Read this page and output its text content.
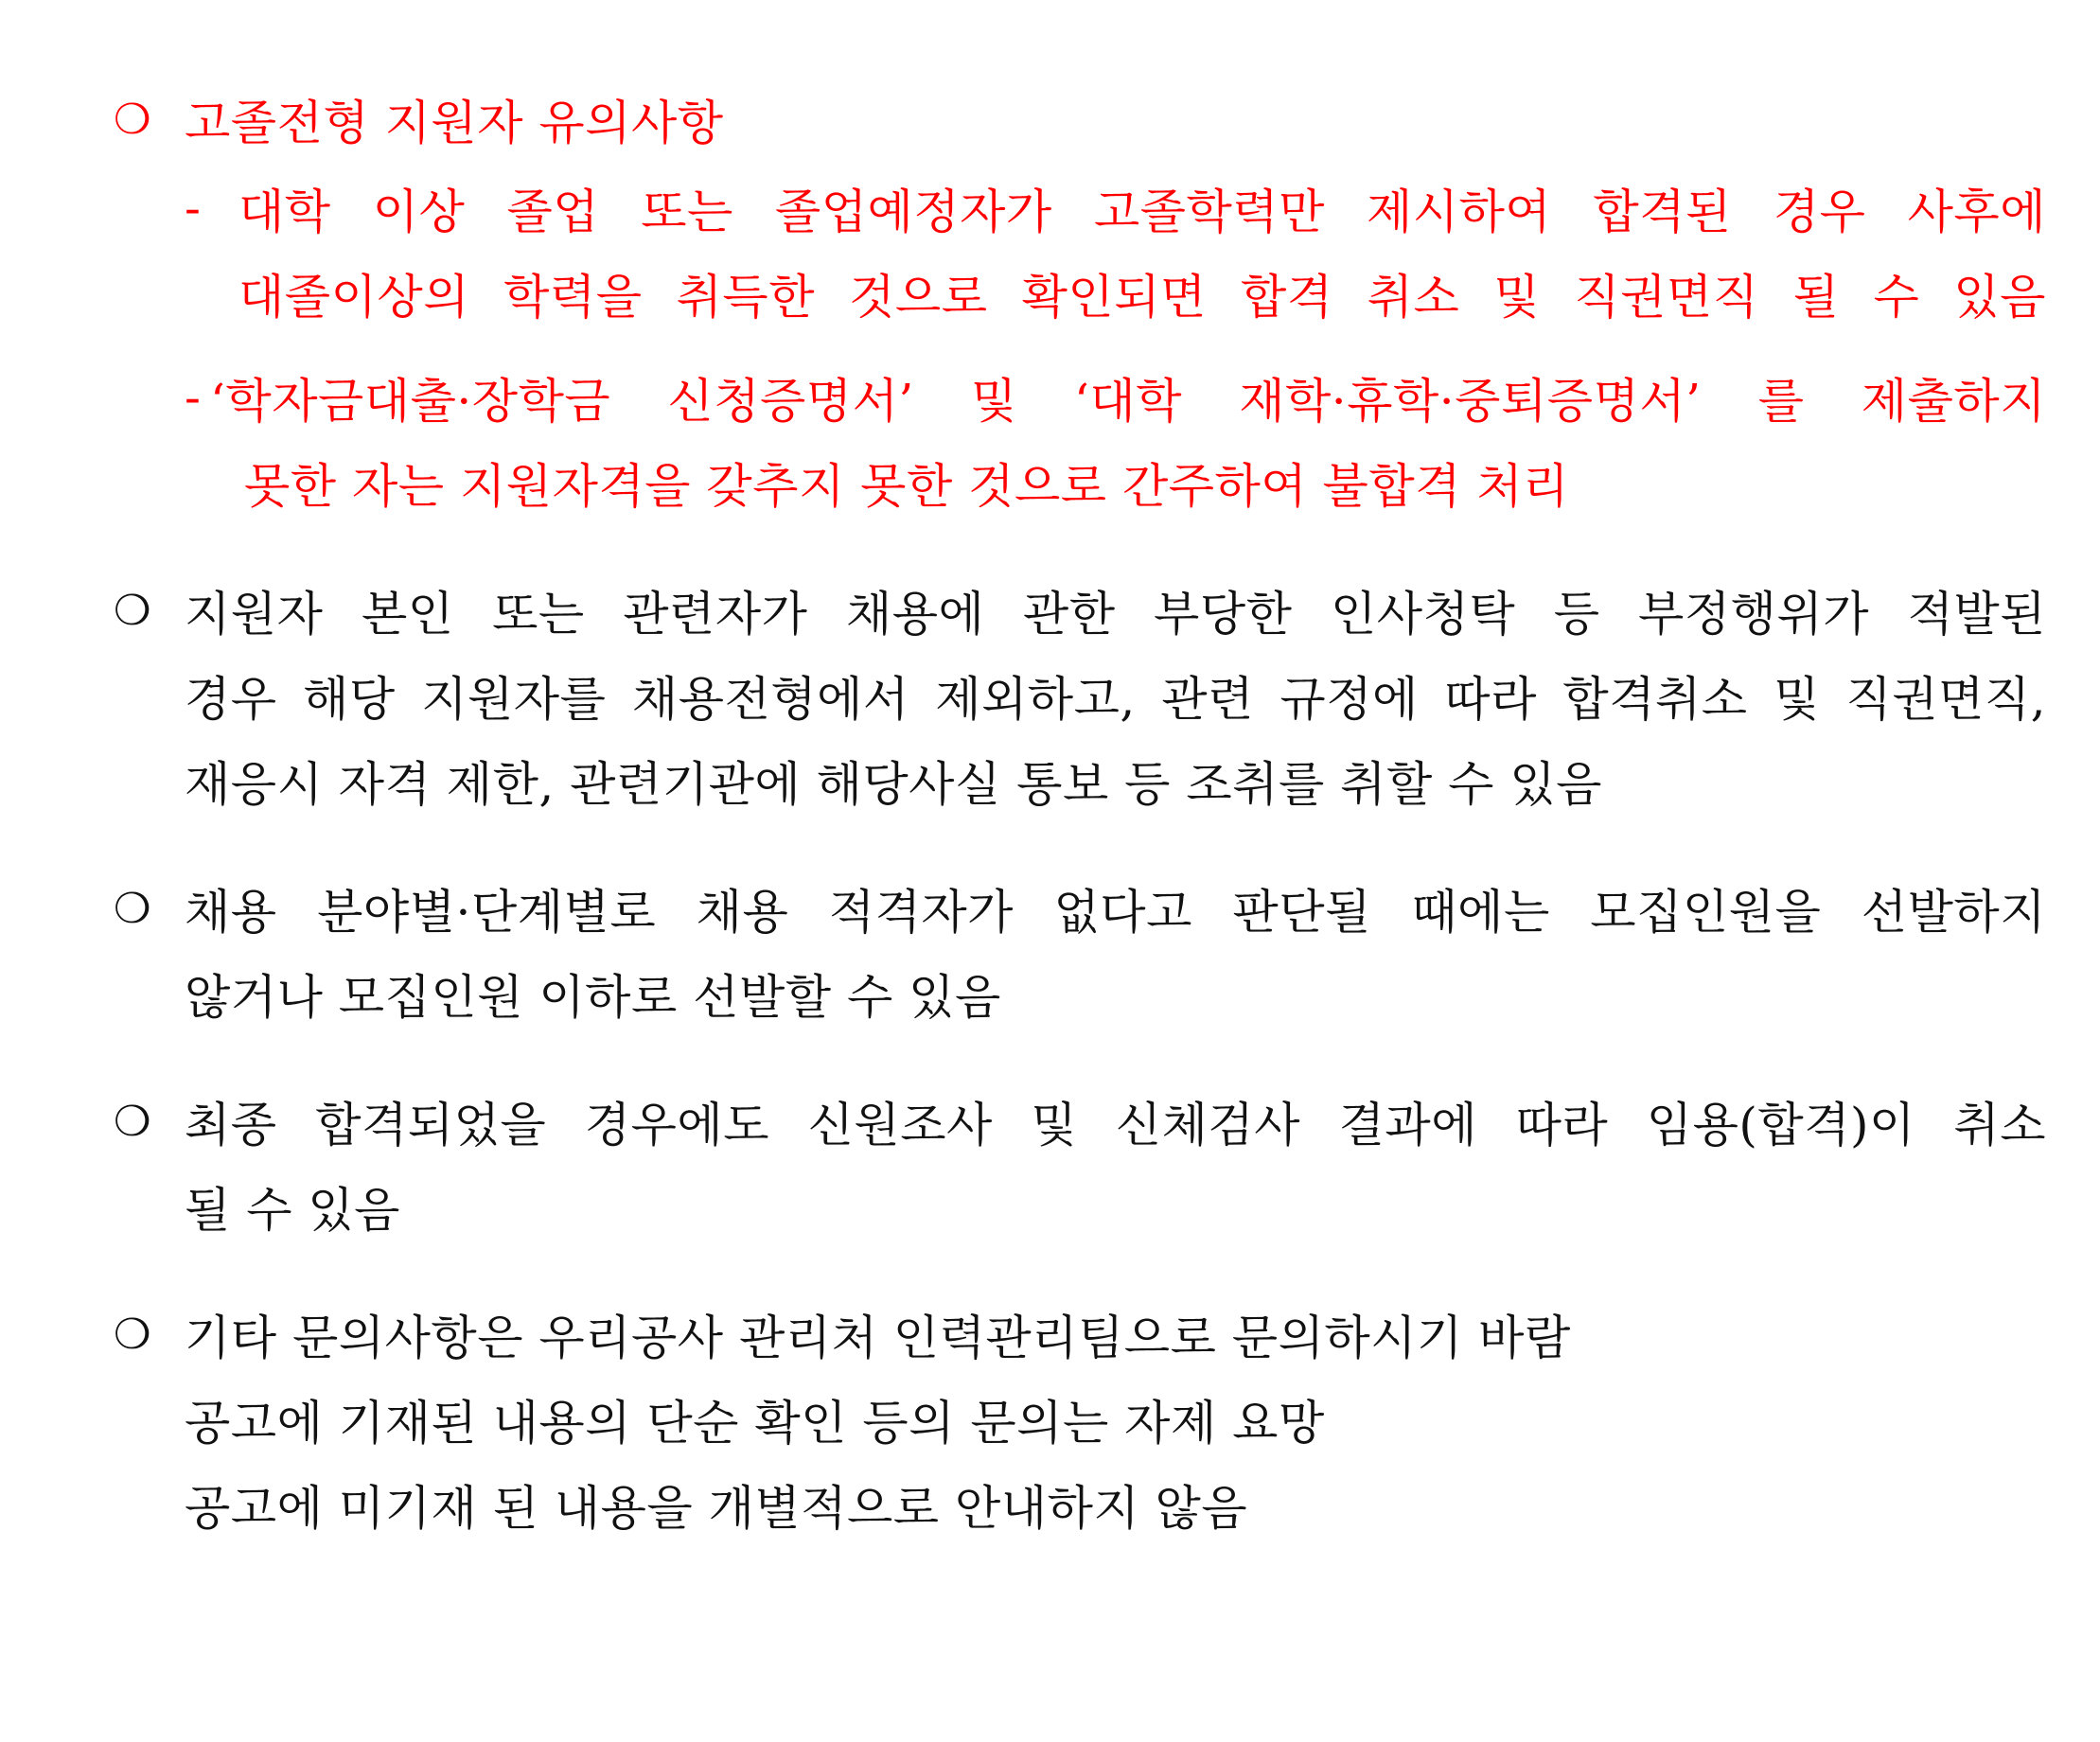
❍ 고졸전형 지원자 유의사항
- 대학 이상 졸업 또는 졸업예정자가 고졸학력만 제시하여 합격된 경우 사후에
대졸이상의 학력을 취득한 것으로 확인되면 합격 취소 및 직권면직 될 수 있음
- ‘학자금대출·장학금 신청증명서’ 및 ‘대학 재학·휴학·중퇴증명서’ 를 제출하지
못한 자는 지원자격을 갖추지 못한 것으로 간주하여 불합격 처리
❍ 지원자 본인 또는 관련자가 채용에 관한 부당한 인사청탁 등 부정행위가 적발된
경우 해당 지원자를 채용전형에서 제외하고, 관련 규정에 따라 합격취소 및 직권면직,
재응시 자격 제한, 관련기관에 해당사실 통보 등 조취를 취할 수 있음
❍ 채용 분야별·단계별로 채용 적격자가 없다고 판단될 때에는 모집인원을 선발하지
않거나 모집인원 이하로 선발할 수 있음
❍ 최종 합격되었을 경우에도 신원조사 및 신체검사 결과에 따라 임용(합격)이 취소
될 수 있음
❍ 기타 문의사항은 우리공사 관리처 인력관리팀으로 문의하시기 바람
공고에 기재된 내용의 단순 확인 등의 문의는 자제 요망
공고에 미기재 된 내용을 개별적으로 안내하지 않음
